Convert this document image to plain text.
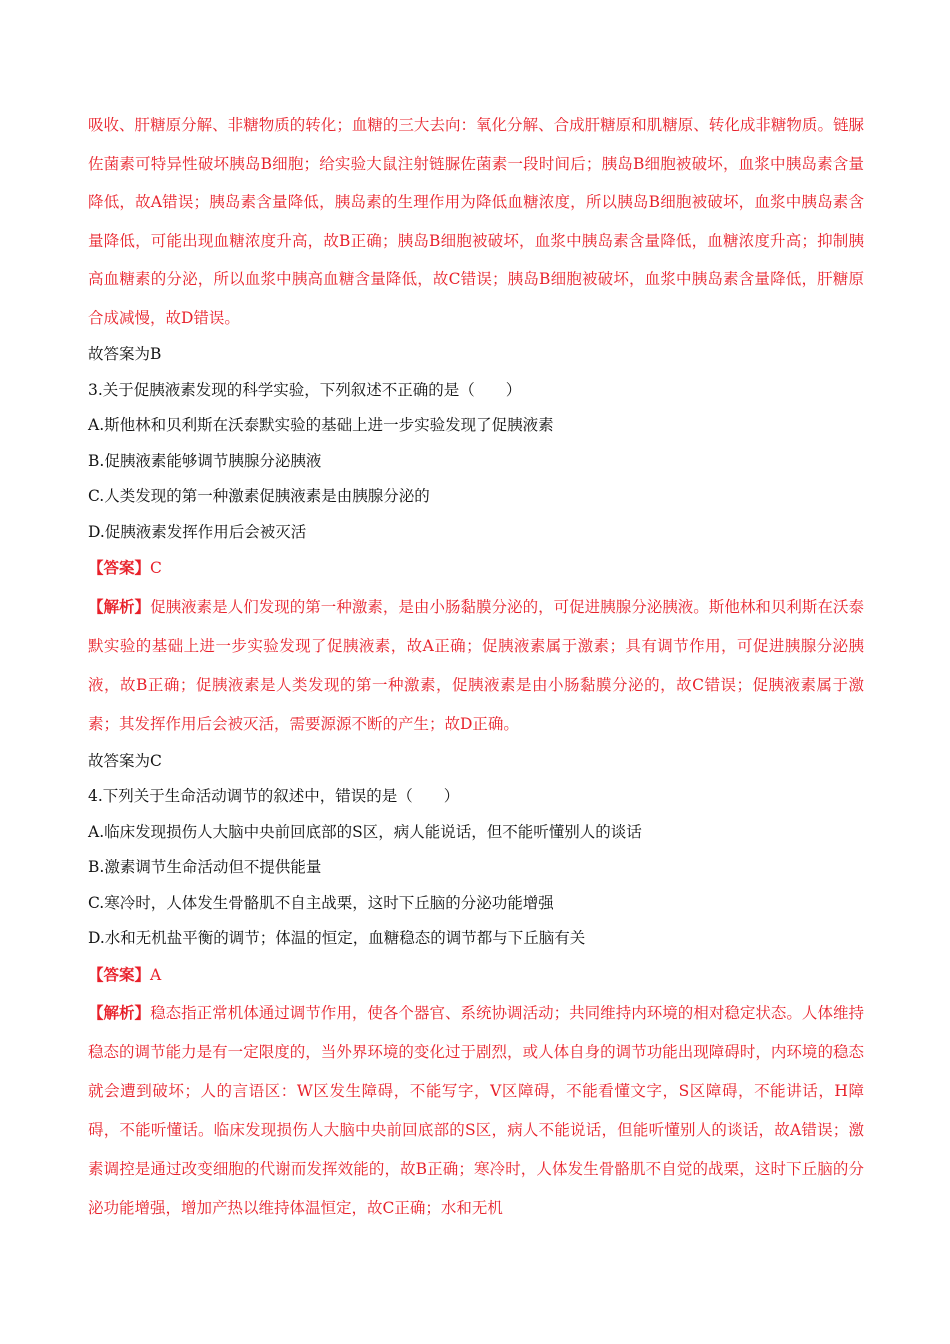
吸收、肝糖原分解、非糖物质的转化；血糖的三大去向：氧化分解、合成肝糖原和肌糖原、转化成非糖物质。链脲佐菌素可特异性破坏胰岛B细胞；给实验大鼠注射链脲佐菌素一段时间后；胰岛B细胞被破坏，血浆中胰岛素含量降低，故A错误；胰岛素含量降低，胰岛素的生理作用为降低血糖浓度，所以胰岛B细胞被破坏，血浆中胰岛素含量降低，可能出现血糖浓度升高，故B正确；胰岛B细胞被破坏，血浆中胰岛素含量降低，血糖浓度升高；抑制胰高血糖素的分泌，所以血浆中胰高血糖含量降低，故C错误；胰岛B细胞被破坏，血浆中胰岛素含量降低，肝糖原合成减慢，故D错误。
故答案为B
3.关于促胰液素发现的科学实验，下列叙述不正确的是（　　）
A.斯他林和贝利斯在沃泰默实验的基础上进一步实验发现了促胰液素
B.促胰液素能够调节胰腺分泌胰液
C.人类发现的第一种激素促胰液素是由胰腺分泌的
D.促胰液素发挥作用后会被灭活
【答案】C
【解析】促胰液素是人们发现的第一种激素，是由小肠黏膜分泌的，可促进胰腺分泌胰液。斯他林和贝利斯在沃泰默实验的基础上进一步实验发现了促胰液素，故A正确；促胰液素属于激素；具有调节作用，可促进胰腺分泌胰液，故B正确；促胰液素是人类发现的第一种激素，促胰液素是由小肠黏膜分泌的，故C错误；促胰液素属于激素；其发挥作用后会被灭活，需要源源不断的产生；故D正确。
故答案为C
4.下列关于生命活动调节的叙述中，错误的是（　　）
A.临床发现损伤人大脑中央前回底部的S区，病人能说话，但不能听懂别人的谈话
B.激素调节生命活动但不提供能量
C.寒冷时，人体发生骨骼肌不自主战栗，这时下丘脑的分泌功能增强
D.水和无机盐平衡的调节；体温的恒定，血糖稳态的调节都与下丘脑有关
【答案】A
【解析】稳态指正常机体通过调节作用，使各个器官、系统协调活动；共同维持内环境的相对稳定状态。人体维持稳态的调节能力是有一定限度的，当外界环境的变化过于剧烈，或人体自身的调节功能出现障碍时，内环境的稳态就会遭到破坏；人的言语区：W区发生障碍，不能写字，V区障碍，不能看懂文字，S区障碍，不能讲话，H障碍，不能听懂话。临床发现损伤人大脑中央前回底部的S区，病人不能说话，但能听懂别人的谈话，故A错误；激素调控是通过改变细胞的代谢而发挥效能的，故B正确；寒冷时，人体发生骨骼肌不自觉的战栗，这时下丘脑的分泌功能增强，增加产热以维持体温恒定，故C正确；水和无机
